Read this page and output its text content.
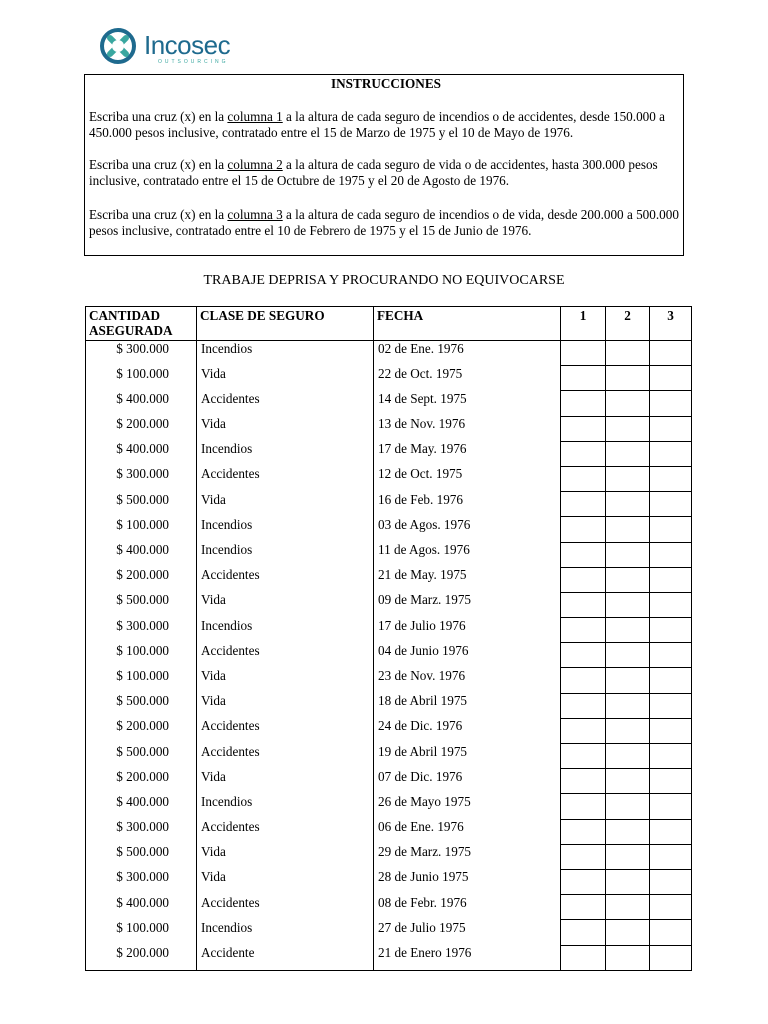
Incosec
OUTSOURCING
INSTRUCCIONES

Escriba una cruz (x) en la columna 1 a la altura de cada seguro de incendios o de accidentes, desde 150.000 a 450.000 pesos inclusive, contratado entre el 15 de Marzo de 1975 y el 10 de Mayo de 1976.

Escriba una cruz (x) en la columna 2 a la altura de cada seguro de vida o de accidentes, hasta 300.000 pesos inclusive, contratado entre el 15 de Octubre de 1975 y el 20 de Agosto de 1976.

Escriba una cruz (x) en la columna 3 a la altura de cada seguro de incendios o de vida, desde 200.000 a 500.000 pesos inclusive, contratado entre el 10 de Febrero de 1975 y el 15 de Junio de 1976.

TRABAJE DEPRISA Y PROCURANDO NO EQUIVOCARSE
CANTIDAD ASEGURADA	CLASE DE SEGURO	FECHA	1	2	3
$ 300.000	Incendios	02 de Ene. 1976			
$ 100.000	Vida	22 de Oct. 1975			
$ 400.000	Accidentes	14 de Sept. 1975			
$ 200.000	Vida	13 de Nov. 1976			
$ 400.000	Incendios	17 de May. 1976			
$ 300.000	Accidentes	12 de Oct. 1975			
$ 500.000	Vida	16 de Feb. 1976			
$ 100.000	Incendios	03 de Agos. 1976			
$ 400.000	Incendios	11 de Agos. 1976			
$ 200.000	Accidentes	21 de May. 1975			
$ 500.000	Vida	09 de Marz. 1975			
$ 300.000	Incendios	17 de Julio 1976			
$ 100.000	Accidentes	04 de Junio 1976			
$ 100.000	Vida	23 de Nov. 1976			
$ 500.000	Vida	18 de Abril 1975			
$ 200.000	Accidentes	24 de Dic. 1976			
$ 500.000	Accidentes	19 de Abril 1975			
$ 200.000	Vida	07 de Dic. 1976			
$ 400.000	Incendios	26 de Mayo 1975			
$ 300.000	Accidentes	06 de Ene. 1976			
$ 500.000	Vida	29 de Marz. 1975			
$ 300.000	Vida	28 de Junio 1975			
$ 400.000	Accidentes	08 de Febr. 1976			
$ 100.000	Incendios	27 de Julio 1975			
$ 200.000	Accidente	21 de Enero 1976			
